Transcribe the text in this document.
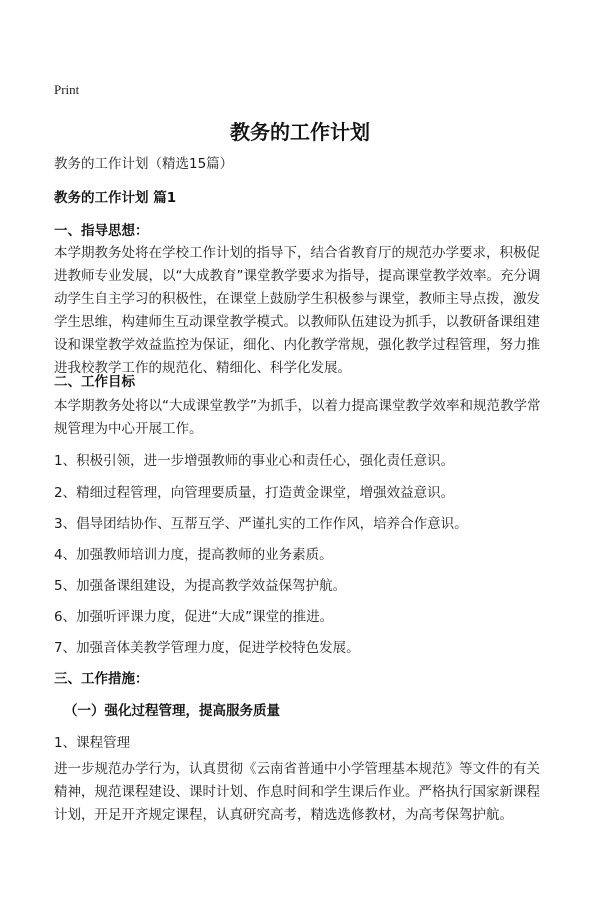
Print
教务的工作计划

教务的工作计划（精选15篇）

教务的工作计划 篇1

一、指导思想：

本学期教务处将在学校工作计划的指导下，结合省教育厅的规范办学要求，积极促
进教师专业发展，以“大成教育”课堂教学要求为指导，提高课堂教学效率。充分调
动学生自主学习的积极性，在课堂上鼓励学生积极参与课堂，教师主导点拨，激发
学生思维，构建师生互动课堂教学模式。以教师队伍建设为抓手，以教研备课组建
设和课堂教学效益监控为保证，细化、内化教学常规，强化教学过程管理，努力推
进我校教学工作的规范化、精细化、科学化发展。

二、工作目标

本学期教务处将以“大成课堂教学”为抓手，以着力提高课堂教学效率和规范教学常
规管理为中心开展工作。

1、积极引领，进一步增强教师的事业心和责任心，强化责任意识。

2、精细过程管理，向管理要质量，打造黄金课堂，增强效益意识。

3、倡导团结协作、互帮互学、严谨扎实的工作作风，培养合作意识。

4、加强教师培训力度，提高教师的业务素质。

5、加强备课组建设，为提高教学效益保驾护航。

6、加强听评课力度，促进“大成”课堂的推进。

7、加强音体美教学管理力度，促进学校特色发展。

三、工作措施：

（一）强化过程管理，提高服务质量

1、课程管理

进一步规范办学行为，认真贯彻《云南省普通中小学管理基本规范》等文件的有关
精神，规范课程建设、课时计划、作息时间和学生课后作业。严格执行国家新课程
计划，开足开齐规定课程，认真研究高考，精选选修教材，为高考保驾护航。
